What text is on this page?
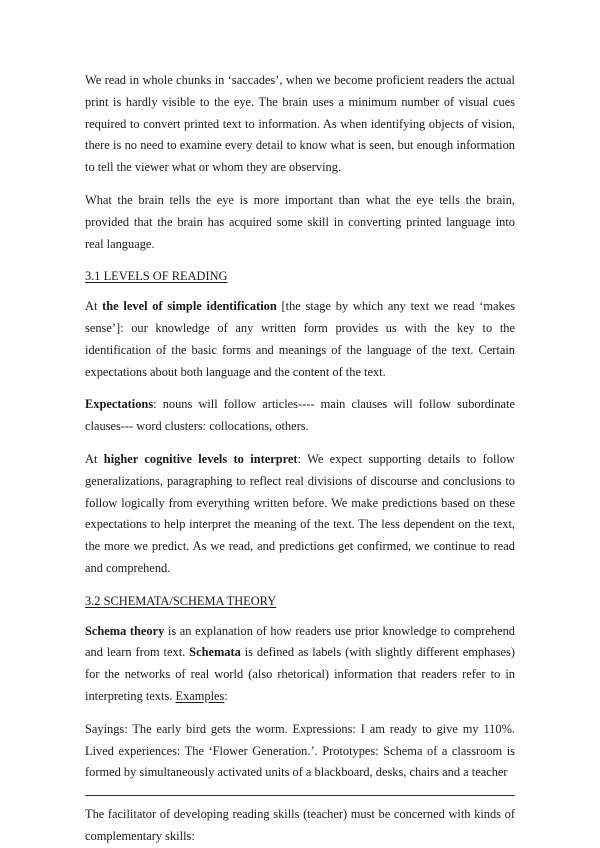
We read in whole chunks in ‘saccades’, when we become proficient readers the actual print is hardly visible to the eye. The brain uses a minimum number of visual cues required to convert printed text to information. As when identifying objects of vision, there is no need to examine every detail to know what is seen, but enough information to tell the viewer what or whom they are observing.

What the brain tells the eye is more important than what the eye tells the brain, provided that the brain has acquired some skill in converting printed language into real language.

3.1 LEVELS OF READING

At the level of simple identification [the stage by which any text we read ‘makes sense’]: our knowledge of any written form provides us with the key to the identification of the basic forms and meanings of the language of the text. Certain expectations about both language and the content of the text.

Expectations: nouns will follow articles---- main clauses will follow subordinate clauses--- word clusters: collocations, others.

At higher cognitive levels to interpret: We expect supporting details to follow generalizations, paragraphing to reflect real divisions of discourse and conclusions to follow logically from everything written before. We make predictions based on these expectations to help interpret the meaning of the text. The less dependent on the text, the more we predict. As we read, and predictions get confirmed, we continue to read and comprehend.

3.2 SCHEMATA/SCHEMA THEORY

Schema theory is an explanation of how readers use prior knowledge to comprehend and learn from text. Schemata is defined as labels (with slightly different emphases) for the networks of real world (also rhetorical) information that readers refer to in interpreting texts. Examples:

Sayings: The early bird gets the worm. Expressions: I am ready to give my 110%. Lived experiences: The ‘Flower Generation.’. Prototypes: Schema of a classroom is formed by simultaneously activated units of a blackboard, desks, chairs and a teacher

The facilitator of developing reading skills (teacher) must be concerned with kinds of complementary skills:
